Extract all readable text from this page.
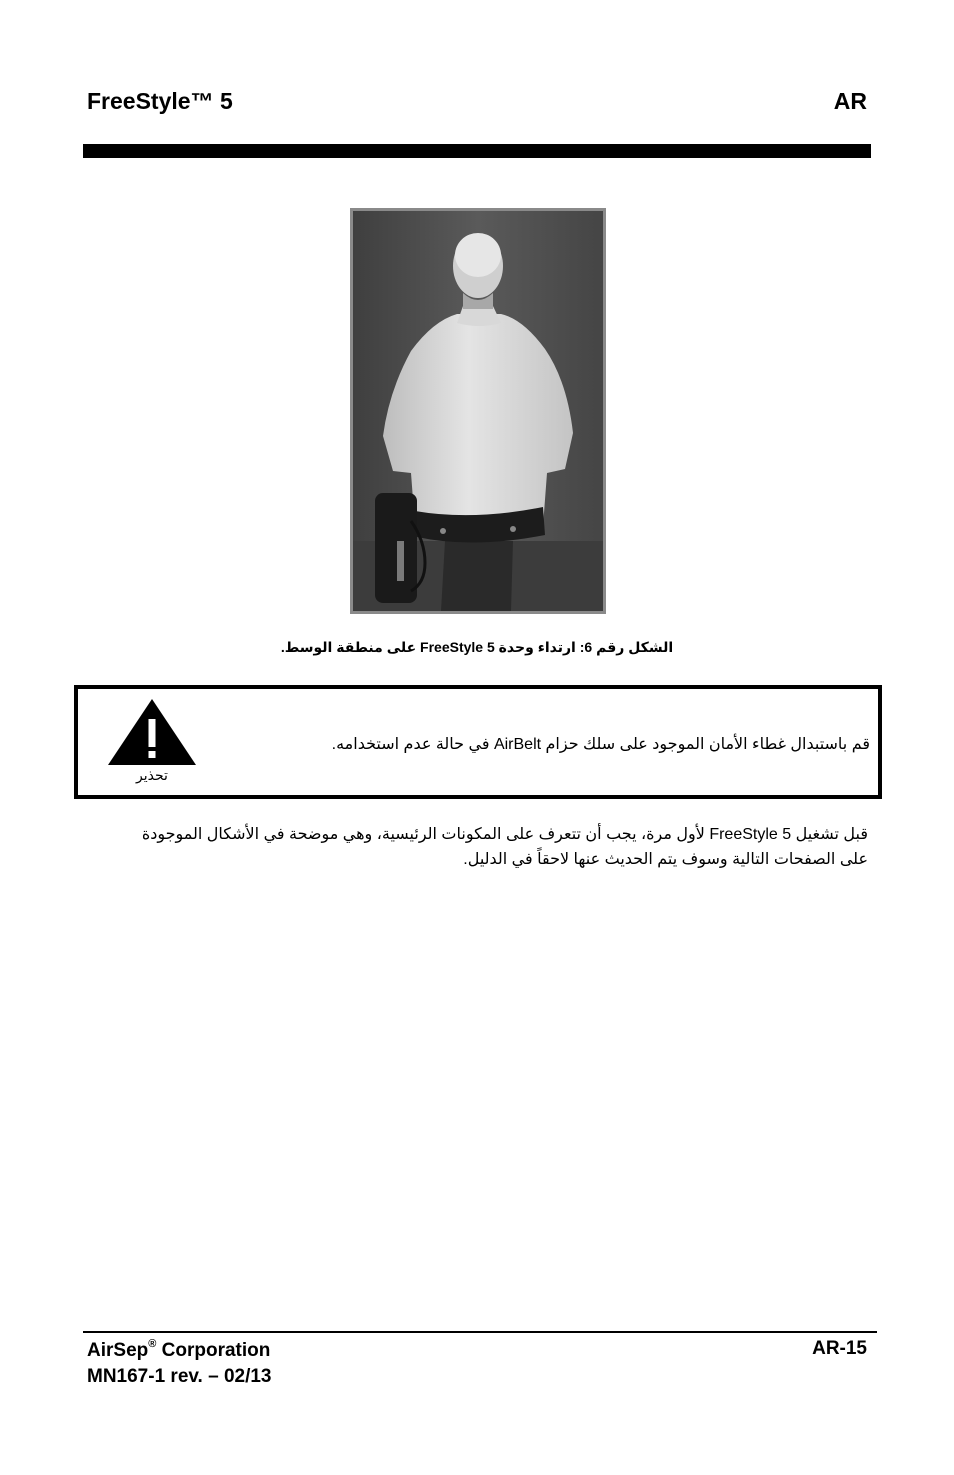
FreeStyle™ 5	AR
الشكل رقم 6: ارتداء وحدة FreeStyle 5 على منطقة الوسط.
تحذير
قم باستبدال غطاء الأمان الموجود على سلك حزام AirBelt في حالة عدم استخدامه.
قبل تشغيل FreeStyle 5 لأول مرة، يجب أن تتعرف على المكونات الرئيسية، وهي موضحة في الأشكال الموجودة على الصفحات التالية وسوف يتم الحديث عنها لاحقاً في الدليل.
AirSep® Corporation
MN167-1 rev. – 02/13
AR-15
